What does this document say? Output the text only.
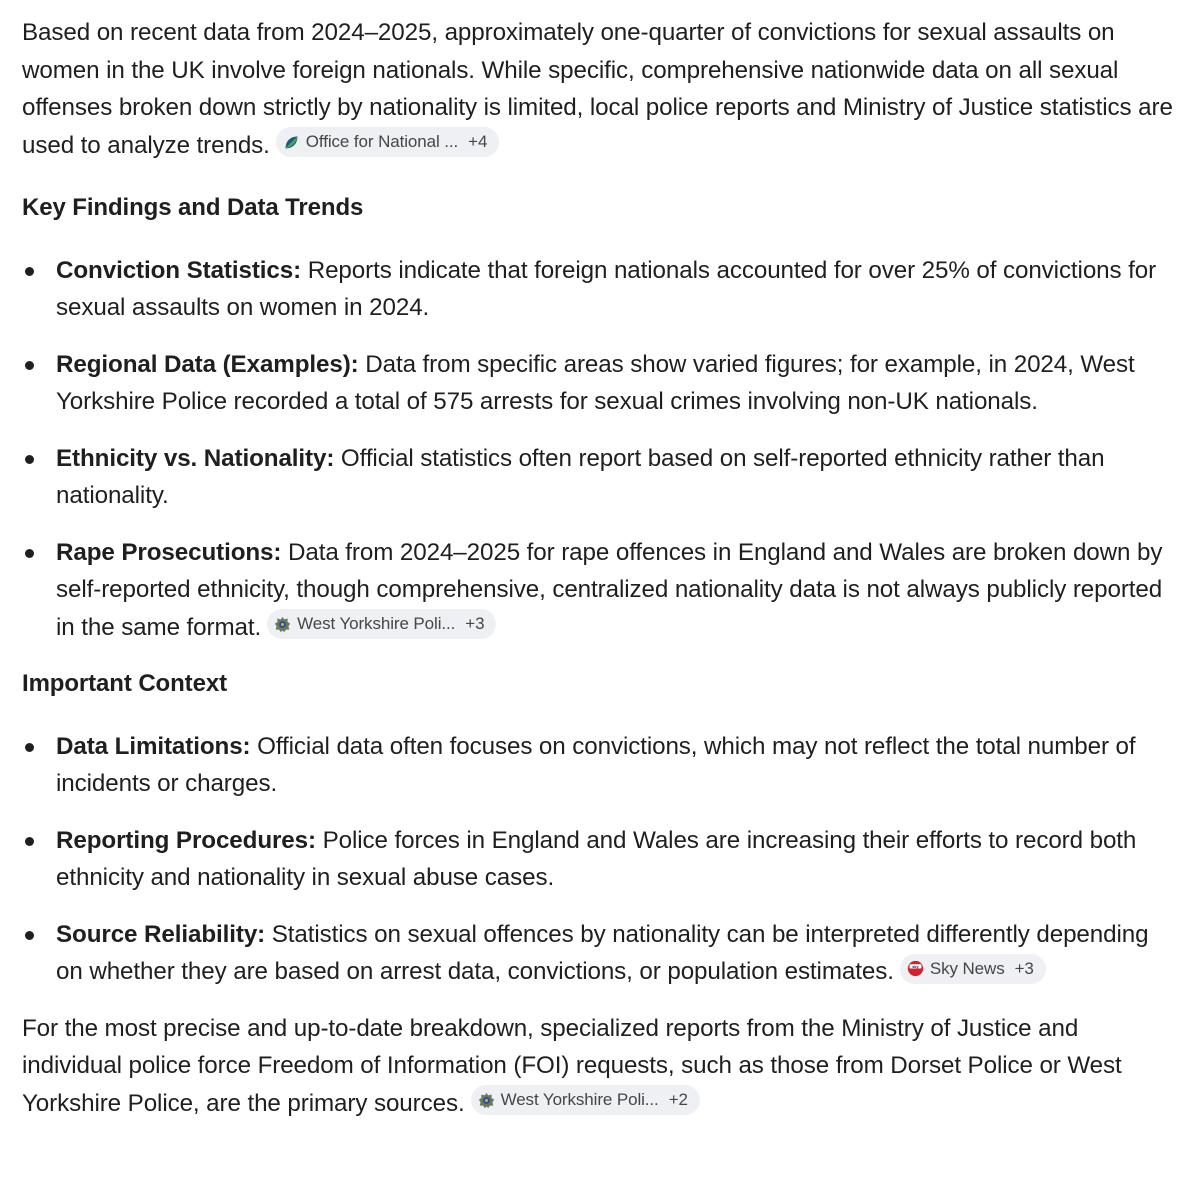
Based on recent data from 2024–2025, approximately one-quarter of convictions for sexual assaults on women in the UK involve foreign nationals. While specific, comprehensive nationwide data on all sexual offenses broken down strictly by nationality is limited, local police reports and Ministry of Justice statistics are used to analyze trends. Office for National ... +4

Key Findings and Data Trends

Conviction Statistics: Reports indicate that foreign nationals accounted for over 25% of convictions for sexual assaults on women in 2024.

Regional Data (Examples): Data from specific areas show varied figures; for example, in 2024, West Yorkshire Police recorded a total of 575 arrests for sexual crimes involving non-UK nationals.

Ethnicity vs. Nationality: Official statistics often report based on self-reported ethnicity rather than nationality.

Rape Prosecutions: Data from 2024–2025 for rape offences in England and Wales are broken down by self-reported ethnicity, though comprehensive, centralized nationality data is not always publicly reported in the same format. West Yorkshire Poli... +3

Important Context

Data Limitations: Official data often focuses on convictions, which may not reflect the total number of incidents or charges.

Reporting Procedures: Police forces in England and Wales are increasing their efforts to record both ethnicity and nationality in sexual abuse cases.

Source Reliability: Statistics on sexual offences by nationality can be interpreted differently depending on whether they are based on arrest data, convictions, or population estimates.	sky Sky News +3

For the most precise and up-to-date breakdown, specialized reports from the Ministry of Justice and individual police force Freedom of Information (FOI) requests, such as those from Dorset Police or West Yorkshire Police, are the primary sources. West Yorkshire Poli... +2
